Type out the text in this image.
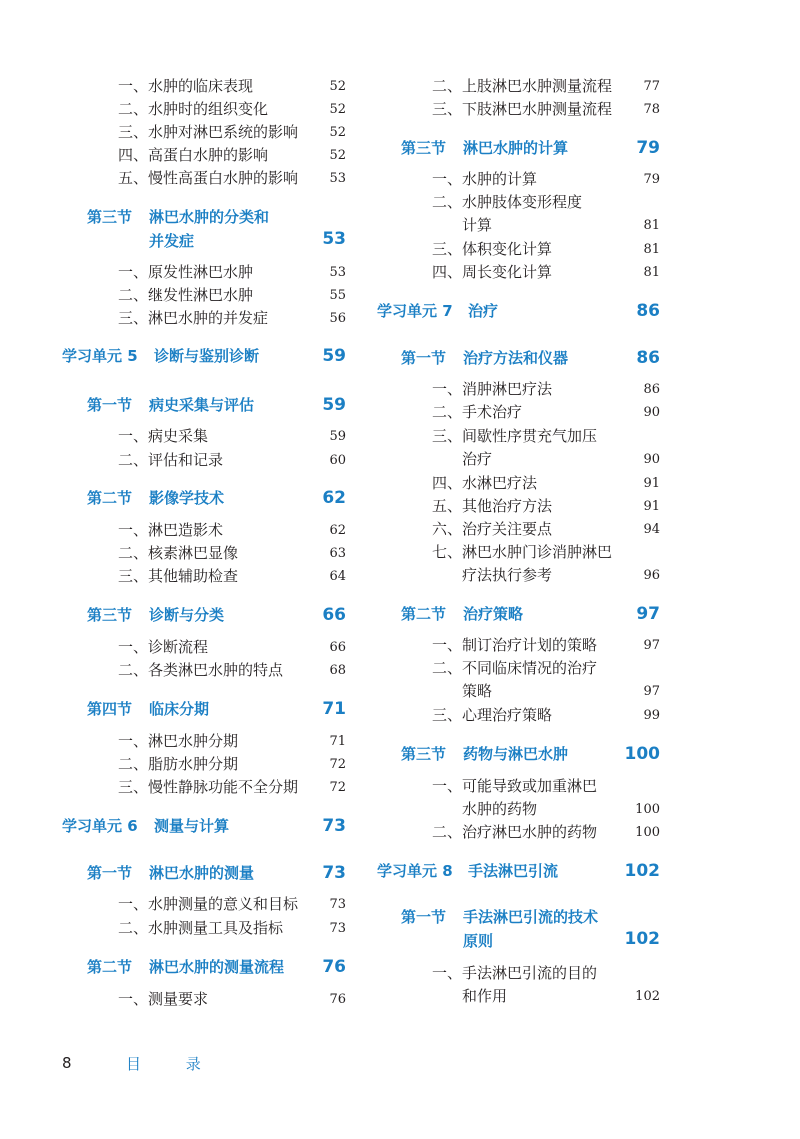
一、水肿的临床表现	52
二、水肿时的组织变化	52
三、水肿对淋巴系统的影响	52
四、高蛋白水肿的影响	52
五、慢性高蛋白水肿的影响	53
第三节 淋巴水肿的分类和
并发症	53
一、原发性淋巴水肿	53
二、继发性淋巴水肿	55
三、淋巴水肿的并发症	56
学习单元 5 诊断与鉴别诊断	59
第一节 病史采集与评估	59
一、病史采集	59
二、评估和记录	60
第二节 影像学技术	62
一、淋巴造影术	62
二、核素淋巴显像	63
三、其他辅助检查	64
第三节 诊断与分类	66
一、诊断流程	66
二、各类淋巴水肿的特点	68
第四节 临床分期	71
一、淋巴水肿分期	71
二、脂肪水肿分期	72
三、慢性静脉功能不全分期	72
学习单元 6 测量与计算	73
第一节 淋巴水肿的测量	73
一、水肿测量的意义和目标	73
二、水肿测量工具及指标	73
第二节 淋巴水肿的测量流程	76
一、测量要求	76
二、上肢淋巴水肿测量流程	77
三、下肢淋巴水肿测量流程	78
第三节 淋巴水肿的计算	79
一、水肿的计算	79
二、水肿肢体变形程度
计算	81
三、体积变化计算	81
四、周长变化计算	81
学习单元 7 治疗	86
第一节 治疗方法和仪器	86
一、消肿淋巴疗法	86
二、手术治疗	90
三、间歇性序贯充气加压
治疗	90
四、水淋巴疗法	91
五、其他治疗方法	91
六、治疗关注要点	94
七、淋巴水肿门诊消肿淋巴
疗法执行参考	96
第二节 治疗策略	97
一、制订治疗计划的策略	97
二、不同临床情况的治疗
策略	97
三、心理治疗策略	99
第三节 药物与淋巴水肿	100
一、可能导致或加重淋巴
水肿的药物	100
二、治疗淋巴水肿的药物	100
学习单元 8 手法淋巴引流	102
第一节 手法淋巴引流的技术
原则	102
一、手法淋巴引流的目的
和作用	102
8	目 录
